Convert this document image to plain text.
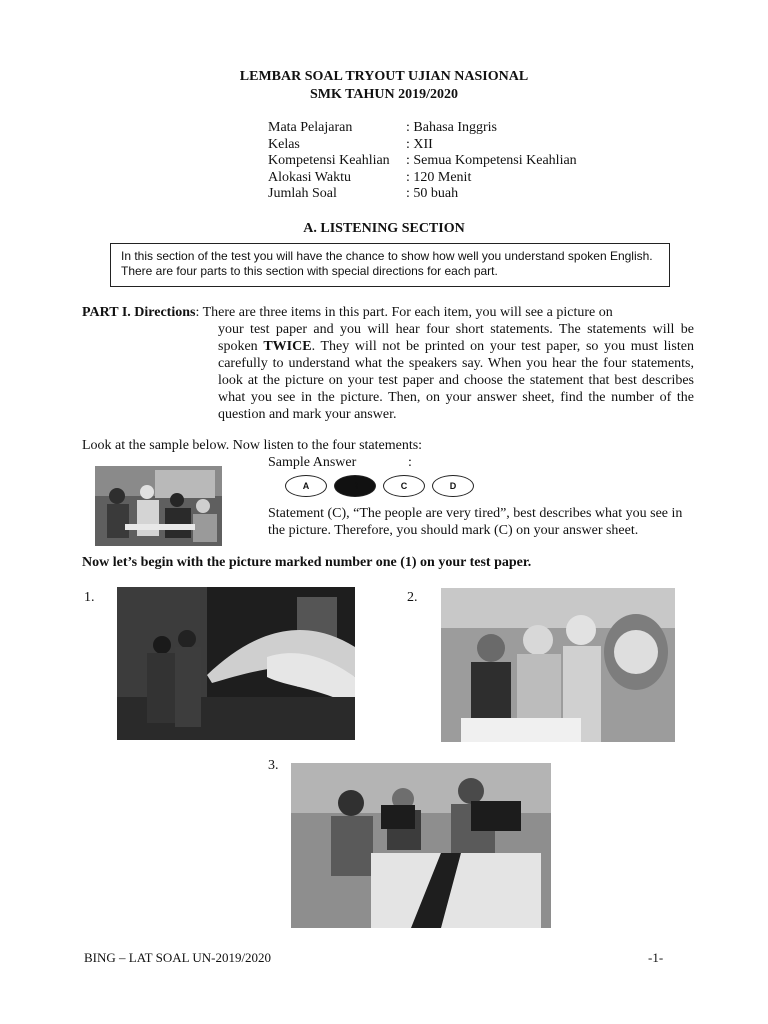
LEMBAR SOAL TRYOUT UJIAN NASIONAL
SMK TAHUN 2019/2020
Mata Pelajaran	: Bahasa Inggris
Kelas	: XII
Kompetensi Keahlian	: Semua Kompetensi Keahlian
Alokasi Waktu	: 120 Menit
Jumlah Soal	: 50 buah
A. LISTENING SECTION
In this section of the test you will have the chance to show how well you understand spoken English. There are four parts to this section with special directions for each part.
PART I. Directions: There are three items in this part. For each item, you will see a picture on
your test paper and you will hear four short statements. The statements will be spoken TWICE. They will not be printed on your test paper, so you must listen carefully to understand what the speakers say. When you hear the four statements, look at the picture on your test paper and choose the statement that best describes what you see in the picture. Then, on your answer sheet, find the number of the question and mark your answer.
Look at the sample below. Now listen to the four statements:
Sample Answer	:
A	B	C	D
Statement (C), “The people are very tired”, best describes what you see in the picture. Therefore, you should mark (C) on your answer sheet.
Now let’s begin with the picture marked number one (1) on your test paper.
1.	2.
3.
BING – LAT SOAL UN-2019/2020	-1-
